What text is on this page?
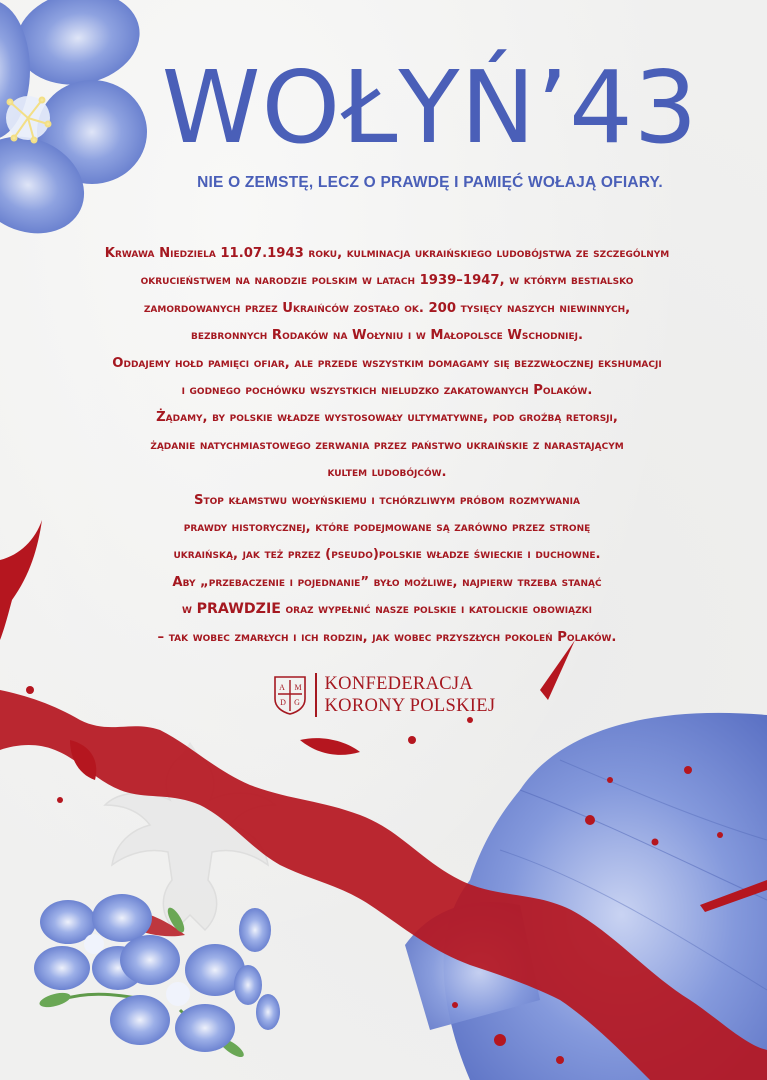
WOŁYŃ’43
NIE O ZEMSTĘ, LECZ O PRAWDĘ I PAMIĘĆ WOŁAJĄ OFIARY.
Krwawa Niedziela 11.07.1943 roku, kulminacja ukraińskiego ludobójstwa ze szczególnym
okrucieństwem na narodzie polskim w latach 1939–1947, w którym bestialsko
zamordowanych przez Ukraińców zostało ok. 200 tysięcy naszych niewinnych,
bezbronnych Rodaków na Wołyniu i w Małopolsce Wschodniej.
Oddajemy hołd pamięci ofiar, ale przede wszystkim domagamy się bezzwłocznej ekshumacji
i godnego pochówku wszystkich nieludzko zakatowanych Polaków.
Żądamy, by polskie władze wystosowały ultymatywne, pod groźbą retorsji,
żądanie natychmiastowego zerwania przez państwo ukraińskie z narastającym
kultem ludobójców.
Stop kłamstwu wołyńskiemu i tchórzliwym próbom rozmywania
prawdy historycznej, które podejmowane są zarówno przez stronę
ukraińską, jak też przez (pseudo)polskie władze świeckie i duchowne.
Aby „przebaczenie i pojednanie” było możliwe, najpierw trzeba stanąć
w PRAWDZIE oraz wypełnić nasze polskie i katolickie obowiązki
– tak wobec zmarłych i ich rodzin, jak wobec przyszłych pokoleń Polaków.
A M
D G
KONFEDERACJA
KORONY POLSKIEJ
